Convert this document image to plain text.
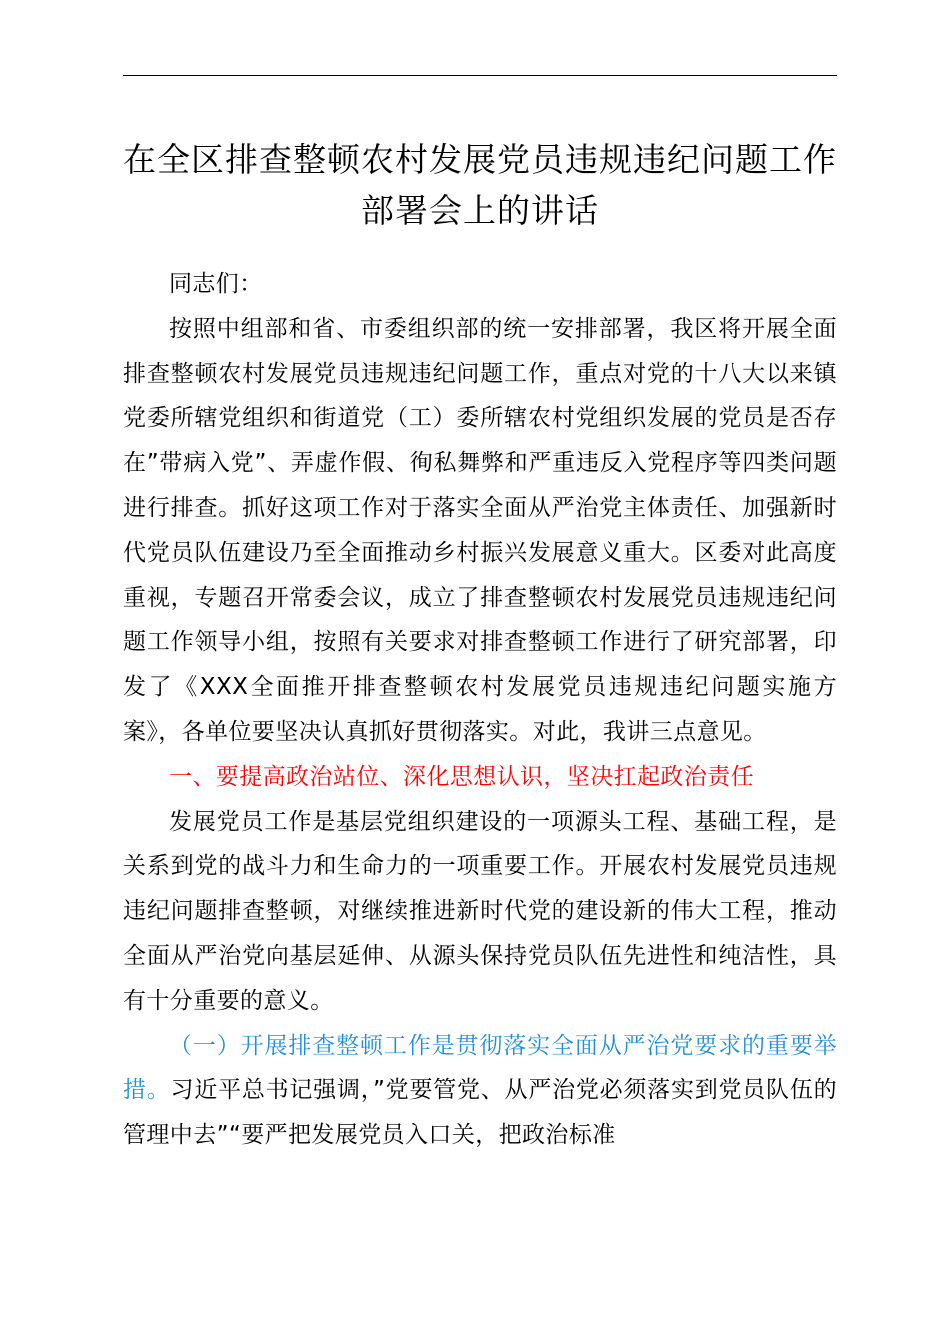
在全区排查整顿农村发展党员违规违纪问题工作部署会上的讲话

同志们：

按照中组部和省、市委组织部的统一安排部署，我区将开展全面排查整顿农村发展党员违规违纪问题工作，重点对党的十八大以来镇党委所辖党组织和街道党（工）委所辖农村党组织发展的党员是否存在”带病入党”、弄虚作假、徇私舞弊和严重违反入党程序等四类问题进行排查。抓好这项工作对于落实全面从严治党主体责任、加强新时代党员队伍建设乃至全面推动乡村振兴发展意义重大。区委对此高度重视，专题召开常委会议，成立了排查整顿农村发展党员违规违纪问题工作领导小组，按照有关要求对排查整顿工作进行了研究部署，印发了《XXX全面推开排查整顿农村发展党员违规违纪问题实施方案》，各单位要坚决认真抓好贯彻落实。对此，我讲三点意见。

一、要提高政治站位、深化思想认识，坚决扛起政治责任

发展党员工作是基层党组织建设的一项源头工程、基础工程，是关系到党的战斗力和生命力的一项重要工作。开展农村发展党员违规违纪问题排查整顿，对继续推进新时代党的建设新的伟大工程，推动全面从严治党向基层延伸、从源头保持党员队伍先进性和纯洁性，具有十分重要的意义。

（一）开展排查整顿工作是贯彻落实全面从严治党要求的重要举措。习近平总书记强调，”党要管党、从严治党必须落实到党员队伍的管理中去”“要严把发展党员入口关，把政治标准
